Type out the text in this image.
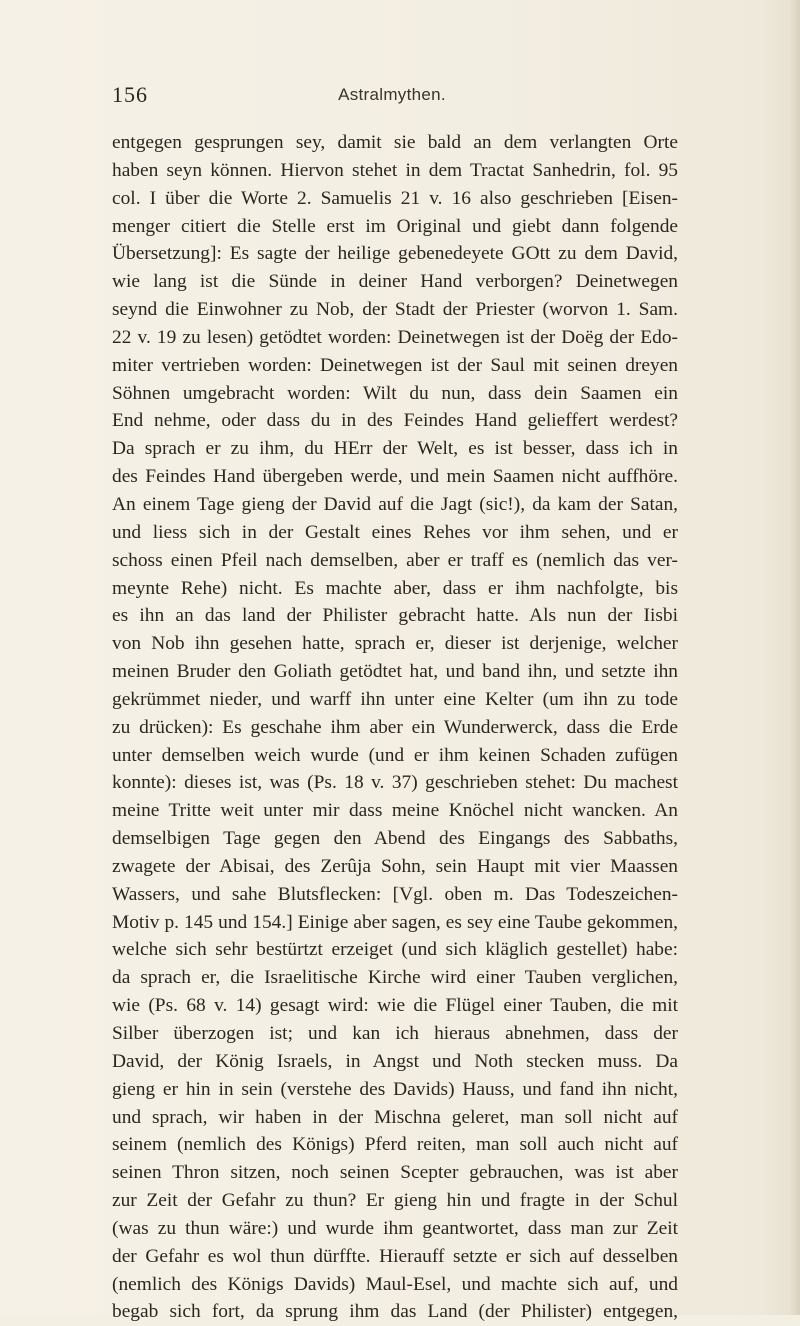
156	Astralmythen.
entgegen gesprungen sey, damit sie bald an dem verlangten Orte
haben seyn können. Hiervon stehet in dem Tractat Sanhedrin, fol. 95
col. I über die Worte 2. Samuelis 21 v. 16 also geschrieben [Eisen-
menger citiert die Stelle erst im Original und giebt dann folgende
Übersetzung]: Es sagte der heilige gebenedeyete GOtt zu dem David,
wie lang ist die Sünde in deiner Hand verborgen? Deinetwegen
seynd die Einwohner zu Nob, der Stadt der Priester (worvon 1. Sam.
22 v. 19 zu lesen) getödtet worden: Deinetwegen ist der Doëg der Edo-
miter vertrieben worden: Deinetwegen ist der Saul mit seinen dreyen
Söhnen umgebracht worden: Wilt du nun, dass dein Saamen ein
End nehme, oder dass du in des Feindes Hand gelieffert werdest?
Da sprach er zu ihm, du HErr der Welt, es ist besser, dass ich in
des Feindes Hand übergeben werde, und mein Saamen nicht auffhöre.
An einem Tage gieng der David auf die Jagt (sic!), da kam der Satan,
und liess sich in der Gestalt eines Rehes vor ihm sehen, und er
schoss einen Pfeil nach demselben, aber er traff es (nemlich das ver-
meynte Rehe) nicht. Es machte aber, dass er ihm nachfolgte, bis
es ihn an das land der Philister gebracht hatte. Als nun der Iisbi
von Nob ihn gesehen hatte, sprach er, dieser ist derjenige, welcher
meinen Bruder den Goliath getödtet hat, und band ihn, und setzte ihn
gekrümmet nieder, und warff ihn unter eine Kelter (um ihn zu tode
zu drücken): Es geschahe ihm aber ein Wunderwerck, dass die Erde
unter demselben weich wurde (und er ihm keinen Schaden zufügen
konnte): dieses ist, was (Ps. 18 v. 37) geschrieben stehet: Du machest
meine Tritte weit unter mir dass meine Knöchel nicht wancken. An
demselbigen Tage gegen den Abend des Eingangs des Sabbaths,
zwagete der Abisai, des Zerûja Sohn, sein Haupt mit vier Maassen
Wassers, und sahe Blutsflecken: [Vgl. oben m. Das Todeszeichen-
Motiv p. 145 und 154.] Einige aber sagen, es sey eine Taube gekommen,
welche sich sehr bestürtzt erzeiget (und sich kläglich gestellet) habe:
da sprach er, die Israelitische Kirche wird einer Tauben verglichen,
wie (Ps. 68 v. 14) gesagt wird: wie die Flügel einer Tauben, die mit
Silber überzogen ist; und kan ich hieraus abnehmen, dass der
David, der König Israels, in Angst und Noth stecken muss. Da
gieng er hin in sein (verstehe des Davids) Hauss, und fand ihn nicht,
und sprach, wir haben in der Mischna geleret, man soll nicht auf
seinem (nemlich des Königs) Pferd reiten, man soll auch nicht auf
seinen Thron sitzen, noch seinen Scepter gebrauchen, was ist aber
zur Zeit der Gefahr zu thun? Er gieng hin und fragte in der Schul
(was zu thun wäre:) und wurde ihm geantwortet, dass man zur Zeit
der Gefahr es wol thun dürffte. Hierauff setzte er sich auf desselben
(nemlich des Königs Davids) Maul-Esel, und machte sich auf, und
begab sich fort, da sprung ihm das Land (der Philister) entgegen,
